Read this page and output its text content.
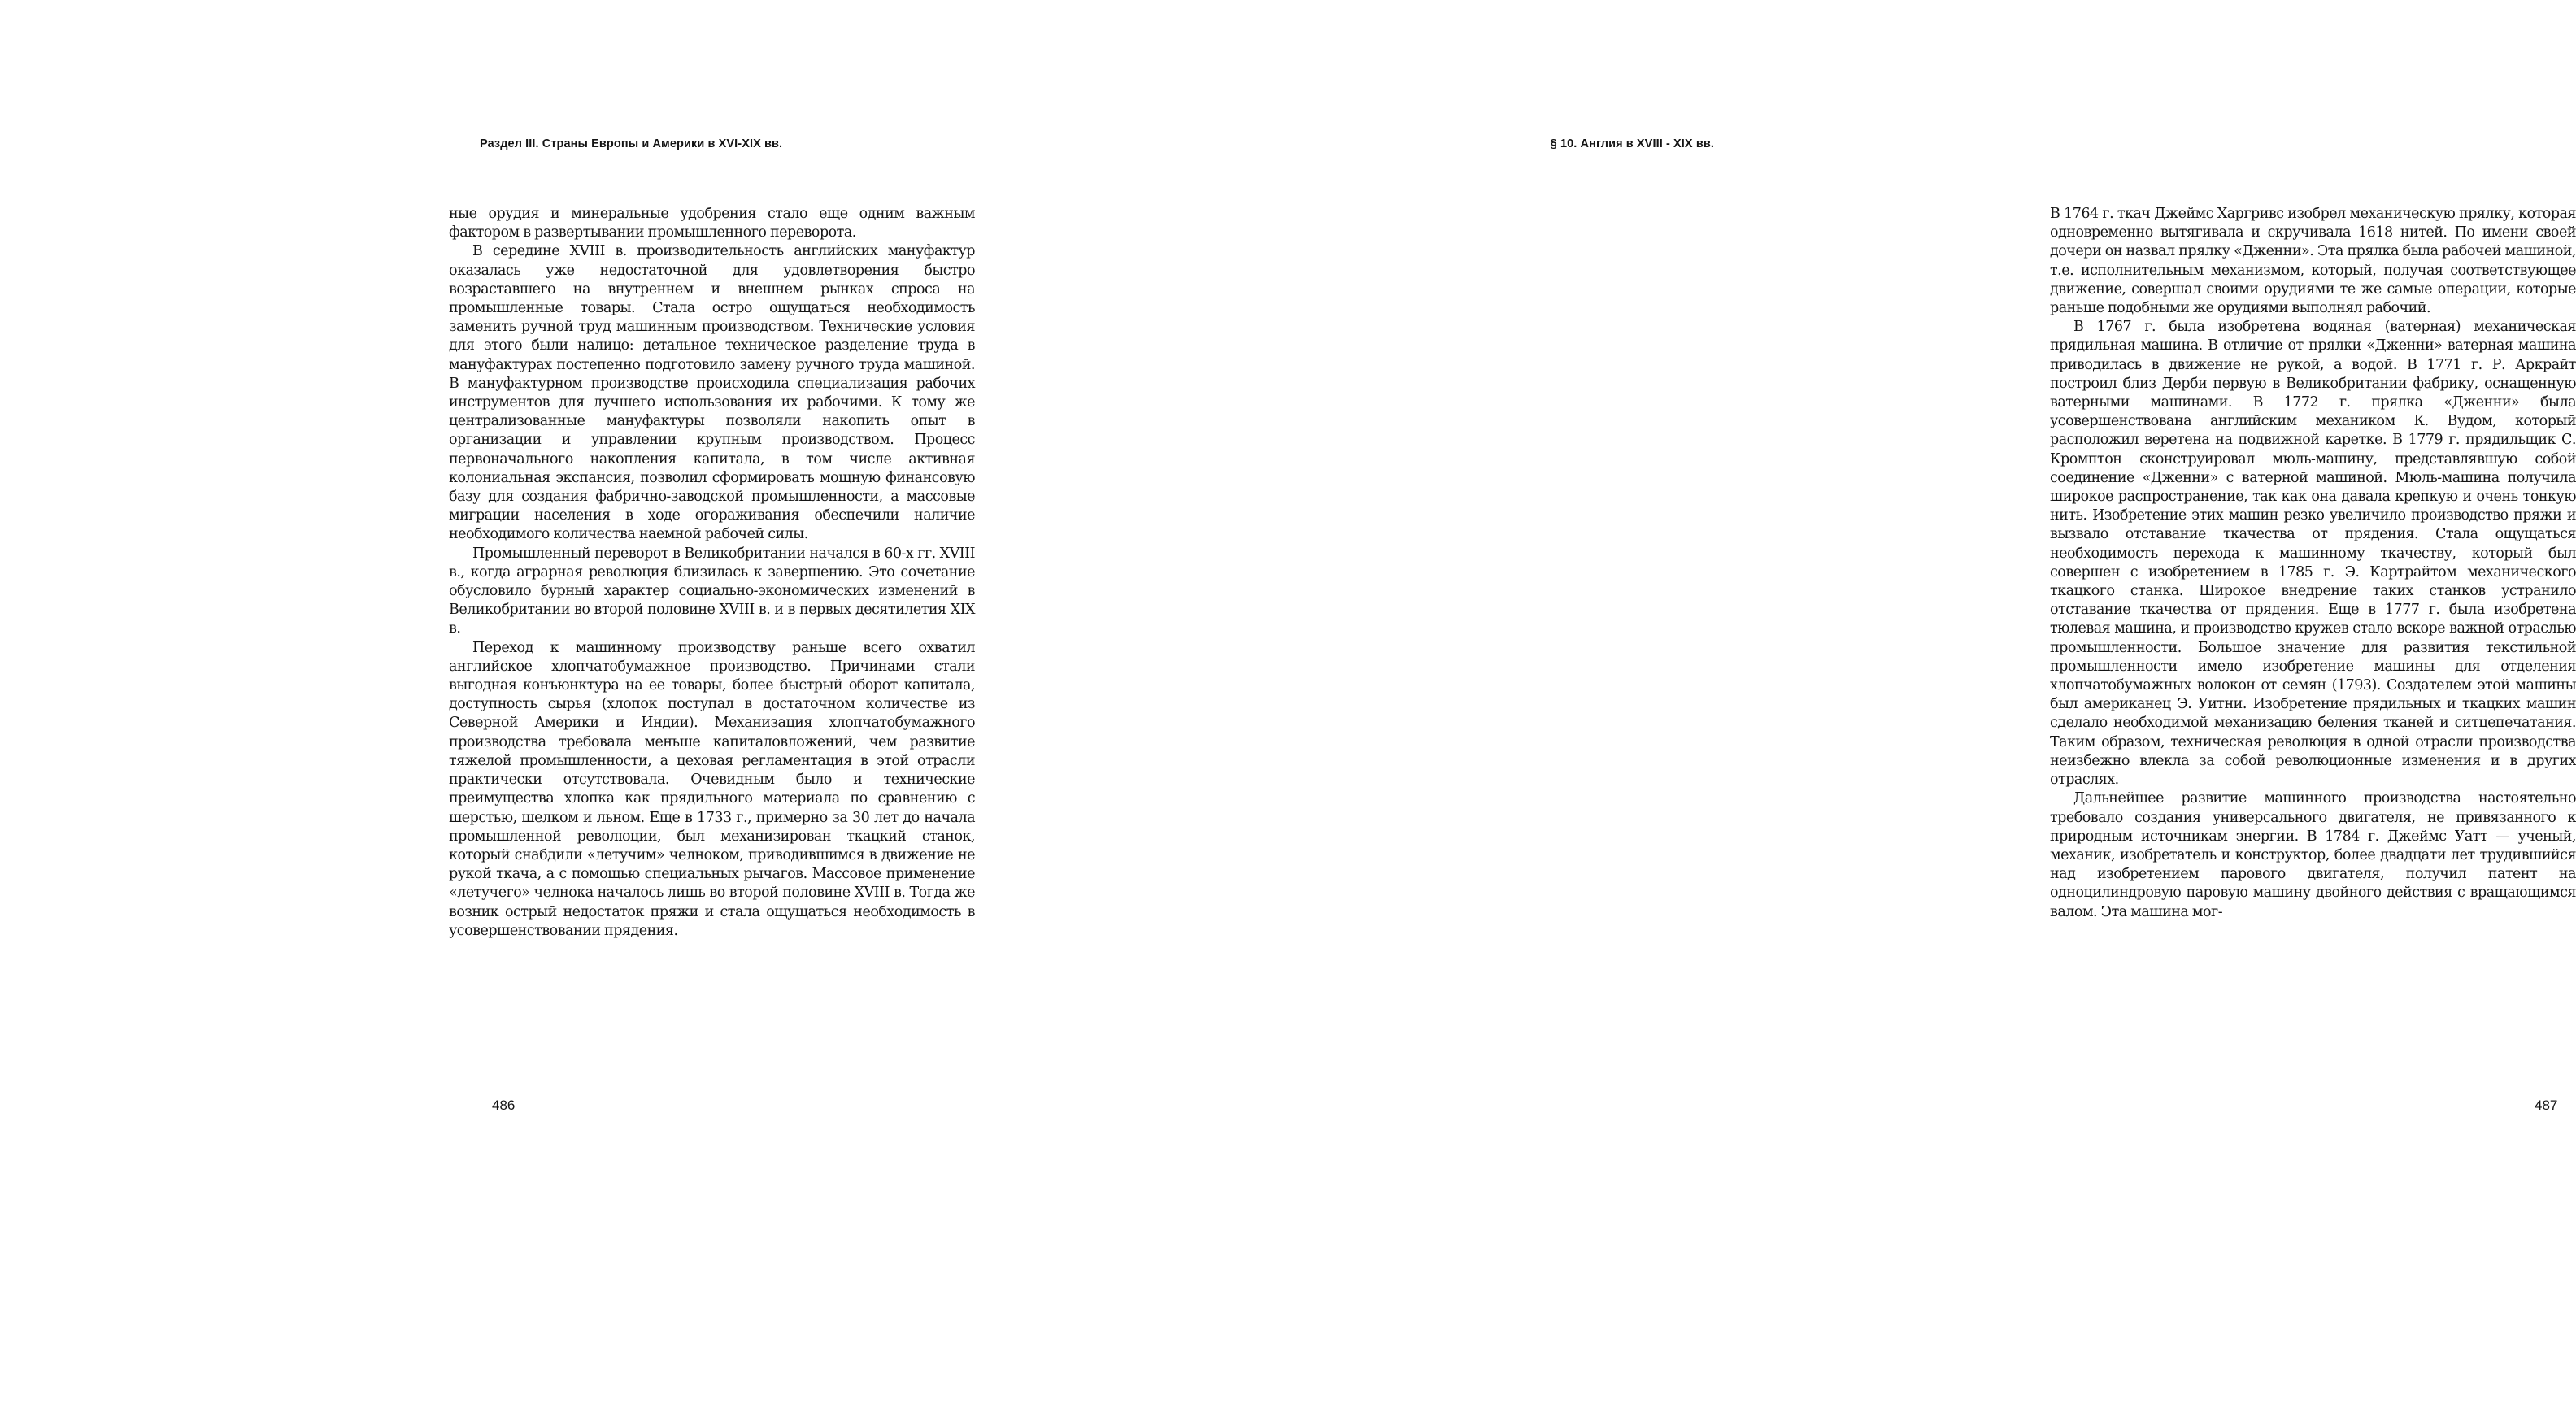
Раздел III. Страны Европы и Америки в XVI-XIX вв.

ные орудия и минеральные удобрения стало еще одним важным фактором в развертывании промышленного переворота.

В середине XVIII в. производительность английских мануфактур оказалась уже недостаточной для удовлетворения быстро возраставшего на внутреннем и внешнем рынках спроса на промышленные товары. Стала остро ощущаться необходимость заменить ручной труд машинным производством. Технические условия для этого были налицо: детальное техническое разделение труда в мануфактурах постепенно подготовило замену ручного труда машиной. В мануфактурном производстве происходила специализация рабочих инструментов для лучшего использования их рабочими. К тому же централизованные мануфактуры позволяли накопить опыт в организации и управлении крупным производством. Процесс первоначального накопления капитала, в том числе активная колониальная экспансия, позволил сформировать мощную финансовую базу для создания фабрично-заводской промышленности, а массовые миграции населения в ходе огораживания обеспечили наличие необходимого количества наемной рабочей силы.

Промышленный переворот в Великобритании начался в 60-х гг. XVIII в., когда аграрная революция близилась к завершению. Это сочетание обусловило бурный характер социально-экономических изменений в Великобритании во второй половине XVIII в. и в первых десятилетия XIX в.

Переход к машинному производству раньше всего охватил английское хлопчатобумажное производство. Причинами стали выгодная конъюнктура на ее товары, более быстрый оборот капитала, доступность сырья (хлопок поступал в достаточном количестве из Северной Америки и Индии). Механизация хлопчатобумажного производства требовала меньше капиталовложений, чем развитие тяжелой промышленности, а цеховая регламентация в этой отрасли практически отсутствовала. Очевидным было и технические преимущества хлопка как прядильного материала по сравнению с шерстью, шелком и льном. Еще в 1733 г., примерно за 30 лет до начала промышленной революции, был механизирован ткацкий станок, который снабдили «летучим» челноком, приводившимся в движение не рукой ткача, а с помощью специальных рычагов. Массовое применение «летучего» челнока началось лишь во второй половине XVIII в. Тогда же возник острый недостаток пряжи и стала ощущаться необходимость в усовершенствовании прядения.

486
§ 10. Англия в XVIII - XIX вв.

В 1764 г. ткач Джеймс Харгривс изобрел механическую прялку, которая одновременно вытягивала и скручивала 1618 нитей. По имени своей дочери он назвал прялку «Дженни». Эта прялка была рабочей машиной, т.е. исполнительным механизмом, который, получая соответствующее движение, совершал своими орудиями те же самые операции, которые раньше подобными же орудиями выполнял рабочий.

В 1767 г. была изобретена водяная (ватерная) механическая прядильная машина. В отличие от прялки «Дженни» ватерная машина приводилась в движение не рукой, а водой. В 1771 г. Р. Аркрайт построил близ Дерби первую в Великобритании фабрику, оснащенную ватерными машинами. В 1772 г. прялка «Дженни» была усовершенствована английским механиком К. Вудом, который расположил веретена на подвижной каретке. В 1779 г. прядильщик С. Кромптон сконструировал мюль-машину, представлявшую собой соединение «Дженни» с ватерной машиной. Мюль-машина получила широкое распространение, так как она давала крепкую и очень тонкую нить. Изобретение этих машин резко увеличило производство пряжи и вызвало отставание ткачества от прядения. Стала ощущаться необходимость перехода к машинному ткачеству, который был совершен с изобретением в 1785 г. Э. Картрайтом механического ткацкого станка. Широкое внедрение таких станков устранило отставание ткачества от прядения. Еще в 1777 г. была изобретена тюлевая машина, и производство кружев стало вскоре важной отраслью промышленности. Большое значение для развития текстильной промышленности имело изобретение машины для отделения хлопчатобумажных волокон от семян (1793). Создателем этой машины был американец Э. Уитни. Изобретение прядильных и ткацких машин сделало необходимой механизацию беления тканей и ситцепечатания. Таким образом, техническая революция в одной отрасли производства неизбежно влекла за собой революционные изменения и в других отраслях.

Дальнейшее развитие машинного производства настоятельно требовало создания универсального двигателя, не привязанного к природным источникам энергии. В 1784 г. Джеймс Уатт — ученый, механик, изобретатель и конструктор, более двадцати лет трудившийся над изобретением парового двигателя, получил патент на одноцилиндровую паровую машину двойного действия с вращающимся валом. Эта машина мог-

487
